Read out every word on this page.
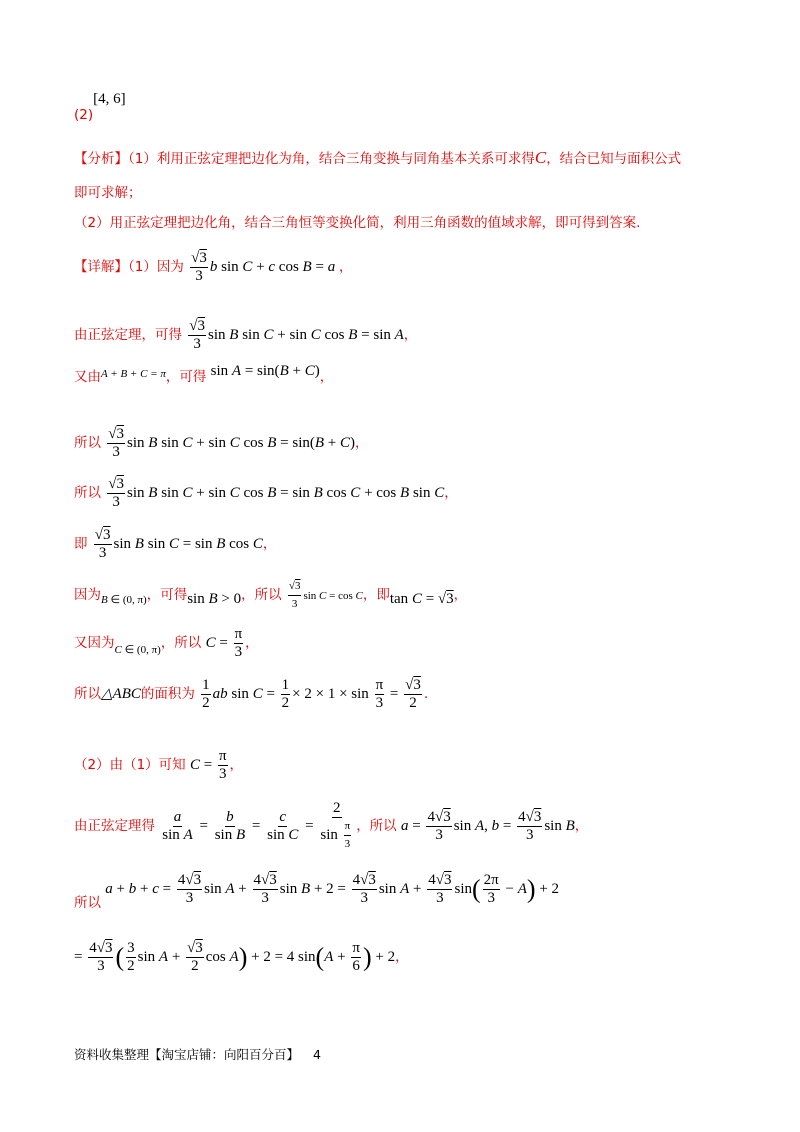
(2)[4, 6]
【分析】（1）利用正弦定理把边化为角，结合三角变换与同角基本关系可求得C，结合已知与面积公式
即可求解；
（2）用正弦定理把边化角，结合三角恒等变换化简，利用三角函数的值域求解，即可得到答案.
【详解】（1）因为 $\frac{√3}{3}$ b sin C + c cos B = a ，
由正弦定理，可得 $\frac{√3}{3}$ sin B sin C + sin C cos B = sin A，
又由$^{A + B + C = \pi}$，可得 sin A = sin(B + C)，
所以 $\frac{√3}{3}$ sin B sin C + sin C cos B = sin(B + C)，
所以 $\frac{√3}{3}$ sin B sin C + sin C cos B = sin B cos C + cos B sin C，
即 $\frac{√3}{3}$ sin B sin C = sin B cos C，
因为$_{B \in (0, \pi)}$，可得sin B > 0，所以 $\frac{√3}{3}$ sin C = cos C，即tan C = √3，
又因为$_{C \in (0, \pi)}$，所以 $C = \frac{\pi}{3}$ ，
所以△ABC的面积为 $\frac{1}{2}$ ab $\sin C = \frac{1}{2} \times 2 \times 1 \times \sin \frac{\pi}{3} = \frac{√3}{2}$ .
（2）由（1）可知 $C = \frac{\pi}{3}$ ，
由正弦定理得 $\frac{a}{\text{sin A}} = \frac{b}{\text{sin B}} = \frac{c}{\text{sin C}} = \frac{2}{\sin \frac{\pi}{3}}$ ，所以 $a = \frac{4√3}{3}$ sin A, $b = \frac{4√3}{3}$ sin B，
所以 $a + b + c = \frac{4√3}{3}$ $\sin A + \frac{4√3}{3}$ $\sin B + 2 = \frac{4√3}{3}$ $\sin A + \frac{4√3}{3} \sin( \frac{2\pi}{3} - A) + 2$
= $\frac{4√3}{3}$ ( $\frac{3}{2}$ $\sin A + \frac{√3}{2}$ cos A) + 2 = 4 $\sin(A + \frac{\pi}{6}$ ) + 2，
资料收集整理【淘宝店铺：向阳百分百】 4
